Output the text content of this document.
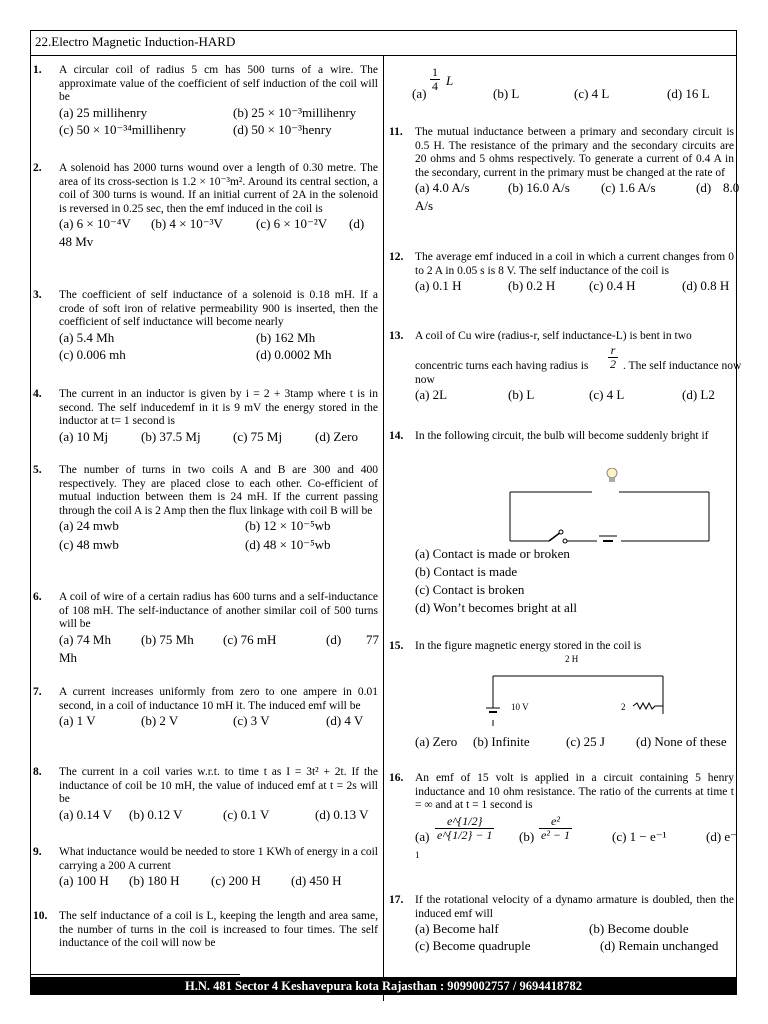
22.Electro Magnetic Induction-HARD
1. A circular coil of radius 5 cm has 500 turns of a wire. The approximate value of the coefficient of self induction of the coil will be
(a) 25 millihenry	(b) 25 × 10⁻³millihenry
(c) 50 × 10⁻³⁴millihenry	(d) 50 × 10⁻³henry
2. A solenoid has 2000 turns wound over a length of 0.30 metre. The area of its cross-section is 1.2 × 10⁻³m². Around its central section, a coil of 300 turns is wound. If an initial current of 2A in the solenoid is reversed in 0.25 sec, then the emf induced in the coil is
(a) 6 × 10⁻⁴V (b) 4 × 10⁻³V	(c) 6 × 10⁻²V (d)
48 Mv
3. The coefficient of self inductance of a solenoid is 0.18 mH. If a crode of soft iron of relative permeability 900 is inserted, then the coefficient of self inductance will become nearly
(a) 5.4 Mh	(b) 162 Mh
(c) 0.006 mh	(d) 0.0002 Mh
4. The current in an inductor is given by i = 2 + 3tamp where t is in second. The self inducedemf in it is 9 mV the energy stored in the inductor at t= 1 second is
(a) 10 Mj	(b) 37.5 Mj (c) 75 Mj	(d) Zero
5. The number of turns in two coils A and B are 300 and 400 respectively. They are placed close to each other. Co-efficient of mutual induction between them is 24 mH. If the current passing through the coil A is 2 Amp then the flux linkage with coil B will be
(a) 24 mwb	(b) 12 × 10⁻⁵wb
(c) 48 mwb	(d) 48 × 10⁻⁵wb
6. A coil of wire of a certain radius has 600 turns and a self-inductance of 108 mH. The self-inductance of another similar coil of 500 turns will be
(a) 74 Mh (b) 75 Mh (c) 76 mH	(d) 77
Mh
7. A current increases uniformly from zero to one ampere in 0.01 second, in a coil of inductance 10 mH it. The induced emf will be
(a) 1 V	(b) 2 V	(c) 3 V	(d) 4 V
8. The current in a coil varies w.r.t. to time t as I = 3t² + 2t. If the inductance of coil be 10 mH, the value of induced emf at t = 2s will be
(a) 0.14 V (b) 0.12 V	(c) 0.1 V	(d) 0.13 V
9. What inductance would be needed to store 1 KWh of energy in a coil carrying a 200 A current
(a) 100 H (b) 180 H (c) 200 H (d) 450 H
10. The self inductance of a coil is L, keeping the length and area same, the number of turns in the coil is increased to four times. The self inductance of the coil will now be
(a)
$\frac{1}{4}$ L
(b) L	(c) 4 L	(d) 16 L
11. The mutual inductance between a primary and secondary circuit is 0.5 H. The resistance of the primary and the secondary circuits are 20 ohms and 5 ohms respectively. To generate a current of 0.4 A in the secondary, current in the primary must be changed at the rate of
(a) 4.0 A/s	(b) 16.0 A/s (c) 1.6 A/s	(d) 8.0
A/s
12. The average emf induced in a coil in which a current changes from 0 to 2 A in 0.05 s is 8 V. The self inductance of the coil is
(a) 0.1 H	(b) 0.2 H	(c) 0.4 H	(d) 0.8 H
13. A coil of Cu wire (radius-r, self inductance-L) is bent in two
concentric turns each having radius is $\frac{r}{2}$ . The self inductance now
now
(a) 2L	(b) L	(c) 4 L	(d) L2
14. In the following circuit, the bulb will become suddenly bright if
(a) Contact is made or broken
(b) Contact is made
(c) Contact is broken
(d) Won’t becomes bright at all
15. In the figure magnetic energy stored in the coil is
2 H
10 V	2
(a) Zero (b) Infinite	(c) 25 J (d) None of these
16. An emf of 15 volt is applied in a circuit containing 5 henry inductance and 10 ohm resistance. The ratio of the currents at time t = ∞ and at t = 1 second is
$(a) \frac{e\^{}\{1/2\}}{e\^{}\{1/2\} - 1}$
1
$(b) \frac{\text{e²}}{\text{e² − 1}}$	(c) 1 − e⁻¹	(d) e⁻
17. If the rotational velocity of a dynamo armature is doubled, then the induced emf will
(a) Become half	(b) Become double
(c) Become quadruple	(d) Remain unchanged
H.N. 481 Sector 4 Keshavepura kota Rajasthan : 9099002757 / 9694418782
